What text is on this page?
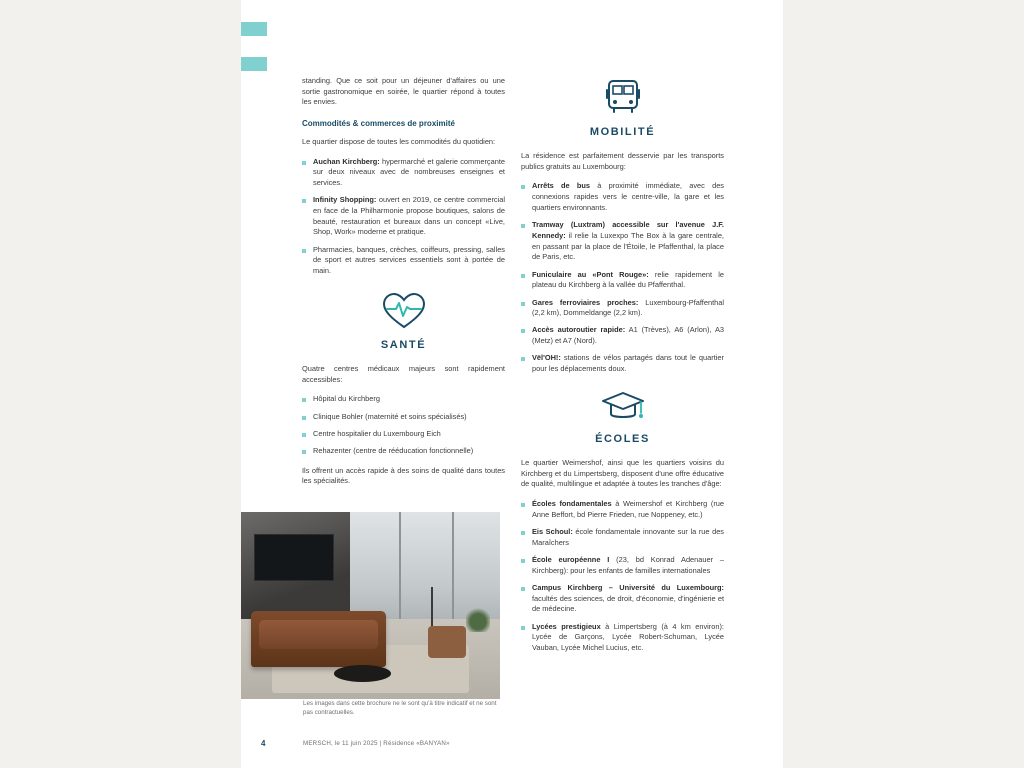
standing. Que ce soit pour un déjeuner d'affaires ou une sortie gastronomique en soirée, le quartier répond à toutes les envies.

Commodités & commerces de proximité

Le quartier dispose de toutes les commodités du quotidien:

Auchan Kirchberg: hypermarché et galerie commerçante sur deux niveaux avec de nombreuses enseignes et services.
Infinity Shopping: ouvert en 2019, ce centre commercial en face de la Philharmonie propose boutiques, salons de beauté, restauration et bureaux dans un concept «Live, Shop, Work» moderne et pratique.
Pharmacies, banques, crèches, coiffeurs, pressing, salles de sport et autres services essentiels sont à portée de main.
SANTÉ

Quatre centres médicaux majeurs sont rapidement accessibles:

Hôpital du Kirchberg
Clinique Bohler (maternité et soins spécialisés)
Centre hospitalier du Luxembourg Eich
Rehazenter (centre de rééducation fonctionnelle)

Ils offrent un accès rapide à des soins de qualité dans toutes les spécialités.

MOBILITÉ

La résidence est parfaitement desservie par les transports publics gratuits au Luxembourg:

Arrêts de bus à proximité immédiate, avec des connexions rapides vers le centre-ville, la gare et les quartiers environnants.
Tramway (Luxtram) accessible sur l'avenue J.F. Kennedy: il relie la Luxexpo The Box à la gare centrale, en passant par la place de l'Étoile, le Pfaffenthal, la place de Paris, etc.
Funiculaire au «Pont Rouge»: relie rapidement le plateau du Kirchberg à la vallée du Pfaffenthal.
Gares ferroviaires proches: Luxembourg-Pfaffenthal (2,2 km), Dommeldange (2,2 km).
Accès autoroutier rapide: A1 (Trèves), A6 (Arlon), A3 (Metz) et A7 (Nord).
Vël'OH!: stations de vélos partagés dans tout le quartier pour les déplacements doux.
ÉCOLES

Le quartier Weimershof, ainsi que les quartiers voisins du Kirchberg et du Limpertsberg, disposent d'une offre éducative de qualité, multilingue et adaptée à toutes les tranches d'âge:

Écoles fondamentales à Weimershof et Kirchberg (rue Anne Beffort, bd Pierre Frieden, rue Noppeney, etc.)
Eis Schoul: école fondamentale innovante sur la rue des Maraîchers
École européenne I (23, bd Konrad Adenauer – Kirchberg): pour les enfants de familles internationales
Campus Kirchberg – Université du Luxembourg: facultés des sciences, de droit, d'économie, d'ingénierie et de médecine.
Lycées prestigieux à Limpertsberg (à 4 km environ): Lycée de Garçons, Lycée Robert-Schuman, Lycée Vauban, Lycée Michel Lucius, etc.
Les images dans cette brochure ne le sont qu'à titre indicatif et ne sont pas contractuelles.
4	MERSCH, le 11 juin 2025 | Résidence «BANYAN»
